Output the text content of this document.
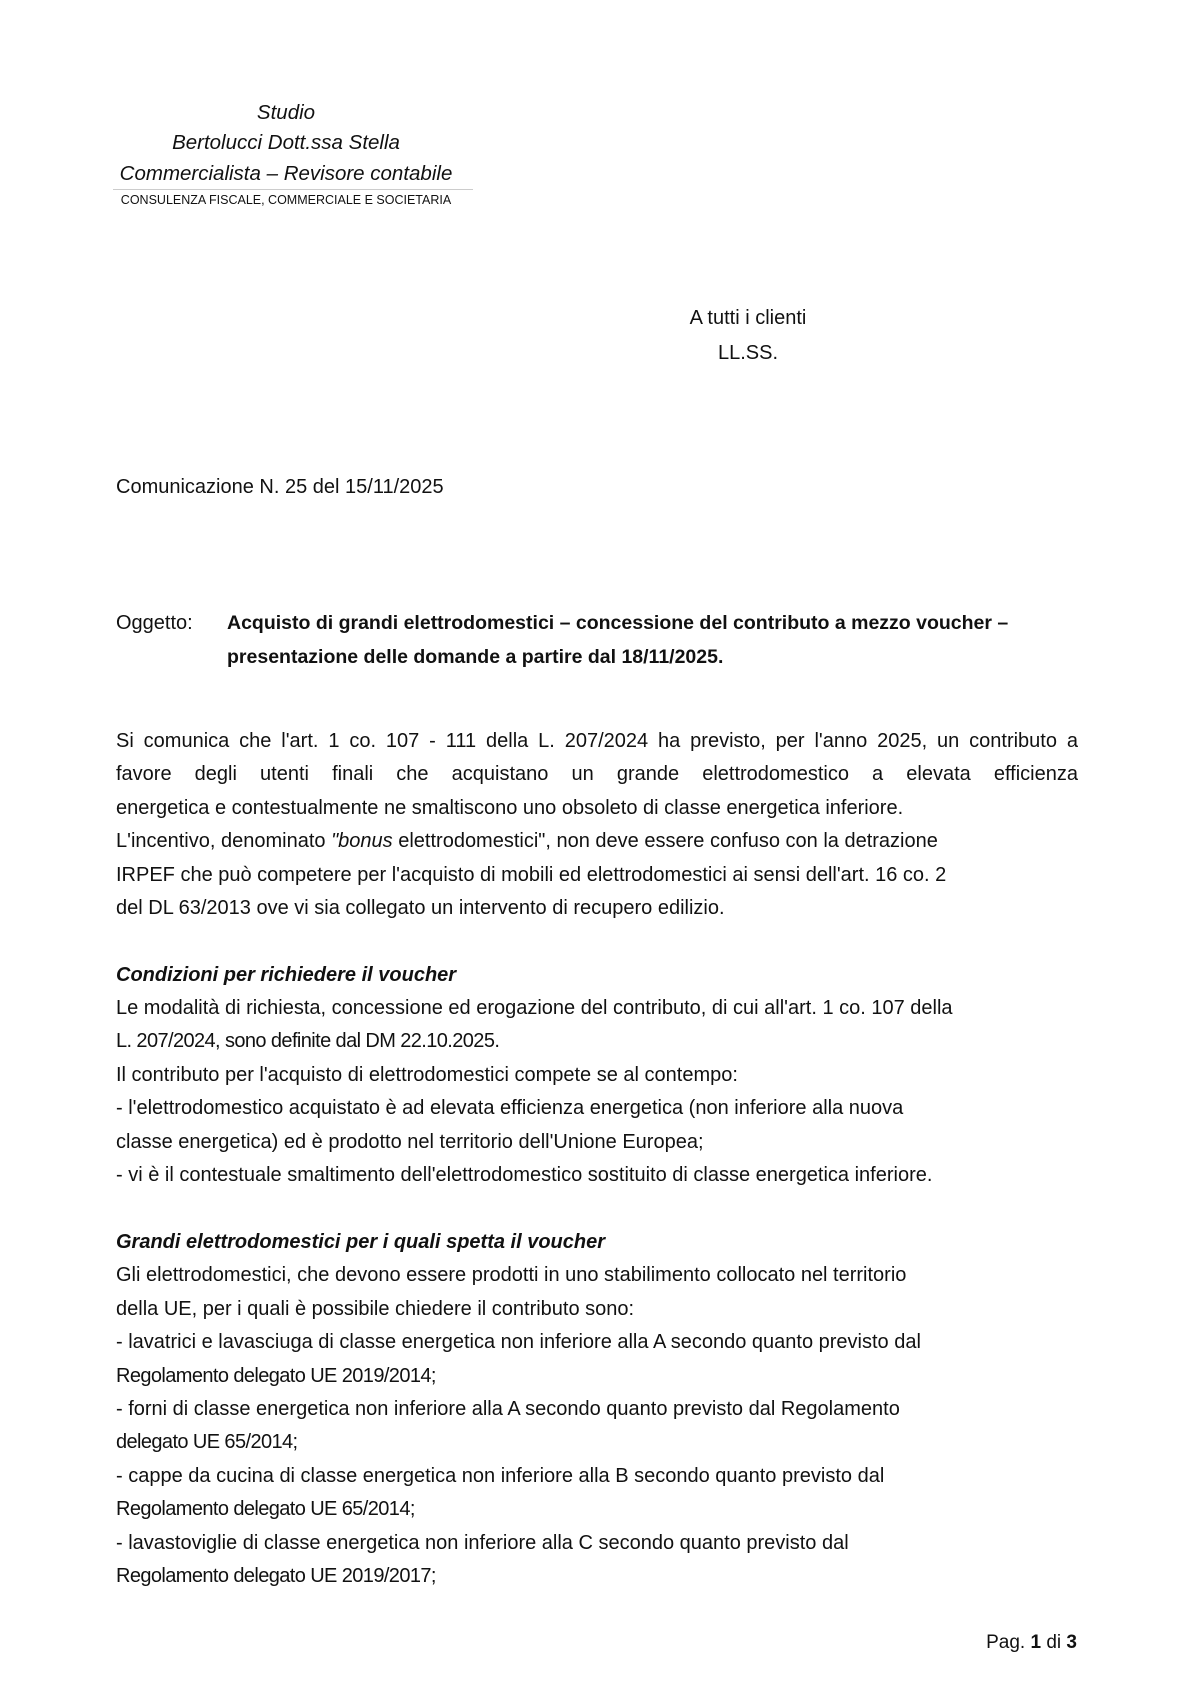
Studio
Bertolucci Dott.ssa Stella
Commercialista – Revisore contabile
CONSULENZA FISCALE, COMMERCIALE E SOCIETARIA
A tutti i clienti
LL.SS.
Comunicazione N. 25 del 15/11/2025
Oggetto: Acquisto di grandi elettrodomestici – concessione del contributo a mezzo voucher –
presentazione delle domande a partire dal 18/11/2025.
Si comunica che l'art. 1 co. 107 - 111 della L. 207/2024 ha previsto, per l'anno 2025, un contributo a
favore degli utenti finali che acquistano un grande elettrodomestico a elevata efficienza
energetica e contestualmente ne smaltiscono uno obsoleto di classe energetica inferiore.
L'incentivo, denominato "bonus elettrodomestici", non deve essere confuso con la detrazione
IRPEF che può competere per l'acquisto di mobili ed elettrodomestici ai sensi dell'art. 16 co. 2
del DL 63/2013 ove vi sia collegato un intervento di recupero edilizio.
Condizioni per richiedere il voucher
Le modalità di richiesta, concessione ed erogazione del contributo, di cui all'art. 1 co. 107 della
L. 207/2024, sono definite dal DM 22.10.2025.
Il contributo per l'acquisto di elettrodomestici compete se al contempo:
- l'elettrodomestico acquistato è ad elevata efficienza energetica (non inferiore alla nuova
classe energetica) ed è prodotto nel territorio dell'Unione Europea;
- vi è il contestuale smaltimento dell'elettrodomestico sostituito di classe energetica inferiore.
Grandi elettrodomestici per i quali spetta il voucher
Gli elettrodomestici, che devono essere prodotti in uno stabilimento collocato nel territorio
della UE, per i quali è possibile chiedere il contributo sono:
- lavatrici e lavasciuga di classe energetica non inferiore alla A secondo quanto previsto dal
Regolamento delegato UE 2019/2014;
- forni di classe energetica non inferiore alla A secondo quanto previsto dal Regolamento
delegato UE 65/2014;
- cappe da cucina di classe energetica non inferiore alla B secondo quanto previsto dal
Regolamento delegato UE 65/2014;
- lavastoviglie di classe energetica non inferiore alla C secondo quanto previsto dal
Regolamento delegato UE 2019/2017;
Pag. 1 di 3
